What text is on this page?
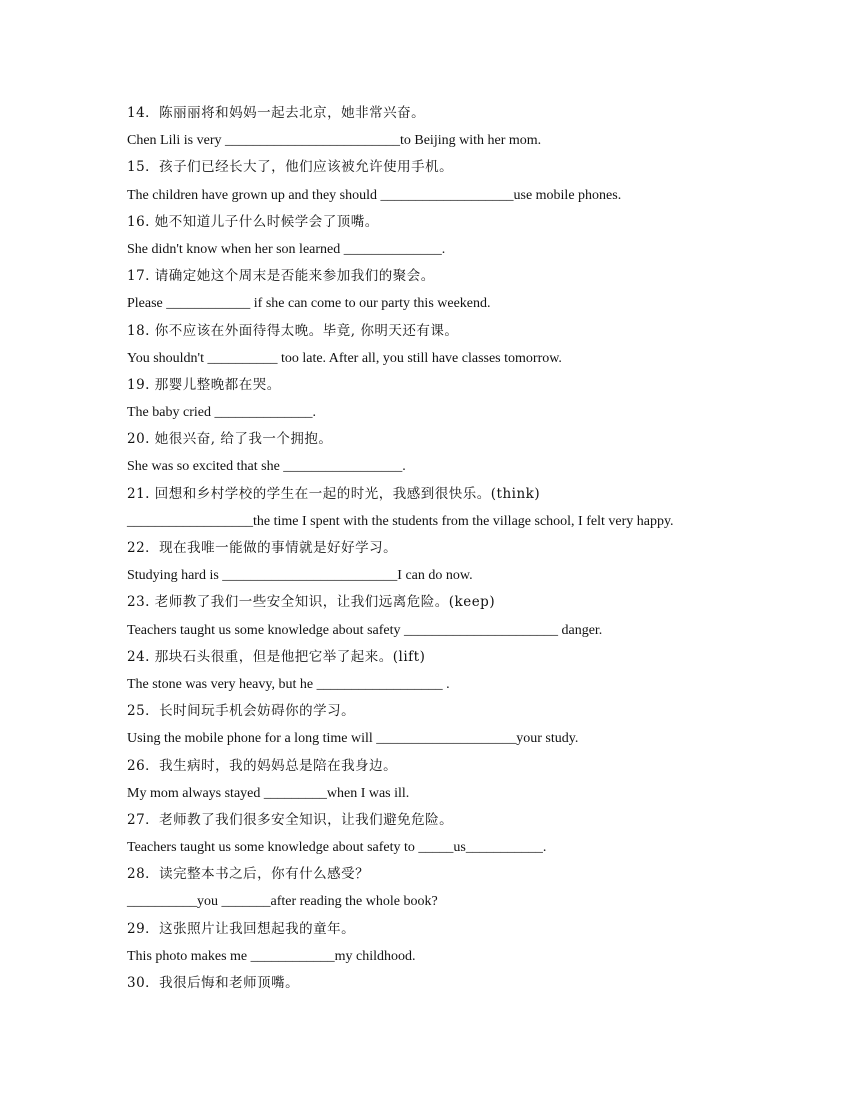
14．陈丽丽将和妈妈一起去北京，她非常兴奋。
Chen Lili is very _________________________to Beijing with her mom.
15．孩子们已经长大了，他们应该被允许使用手机。
The children have grown up and they should ___________________use mobile phones.
16. 她不知道儿子什么时候学会了顶嘴。
She didn't know when her son learned ______________.
17. 请确定她这个周末是否能来参加我们的聚会。
Please ____________ if she can come to our party this weekend.
18. 你不应该在外面待得太晚。毕竟, 你明天还有课。
You shouldn't __________ too late. After all, you still have classes tomorrow.
19. 那婴儿整晚都在哭。
The baby cried ______________.
20. 她很兴奋, 给了我一个拥抱。
She was so excited that she _________________.
21. 回想和乡村学校的学生在一起的时光，我感到很快乐。(think)
__________________the time I spent with the students from the village school, I felt very happy.
22．现在我唯一能做的事情就是好好学习。
Studying hard is _________________________I can do now.
23. 老师教了我们一些安全知识，让我们远离危险。(keep)
Teachers taught us some knowledge about safety ______________________ danger.
24. 那块石头很重，但是他把它举了起来。(lift)
The stone was very heavy, but he __________________ .
25．长时间玩手机会妨碍你的学习。
Using the mobile phone for a long time will ____________________your study.
26．我生病时，我的妈妈总是陪在我身边。
My mom always stayed _________when I was ill.
27．老师教了我们很多安全知识，让我们避免危险。
Teachers taught us some knowledge about safety to _____us___________.
28．读完整本书之后，你有什么感受？
__________you _______after reading the whole book?
29．这张照片让我回想起我的童年。
This photo makes me ____________my childhood.
30．我很后悔和老师顶嘴。
